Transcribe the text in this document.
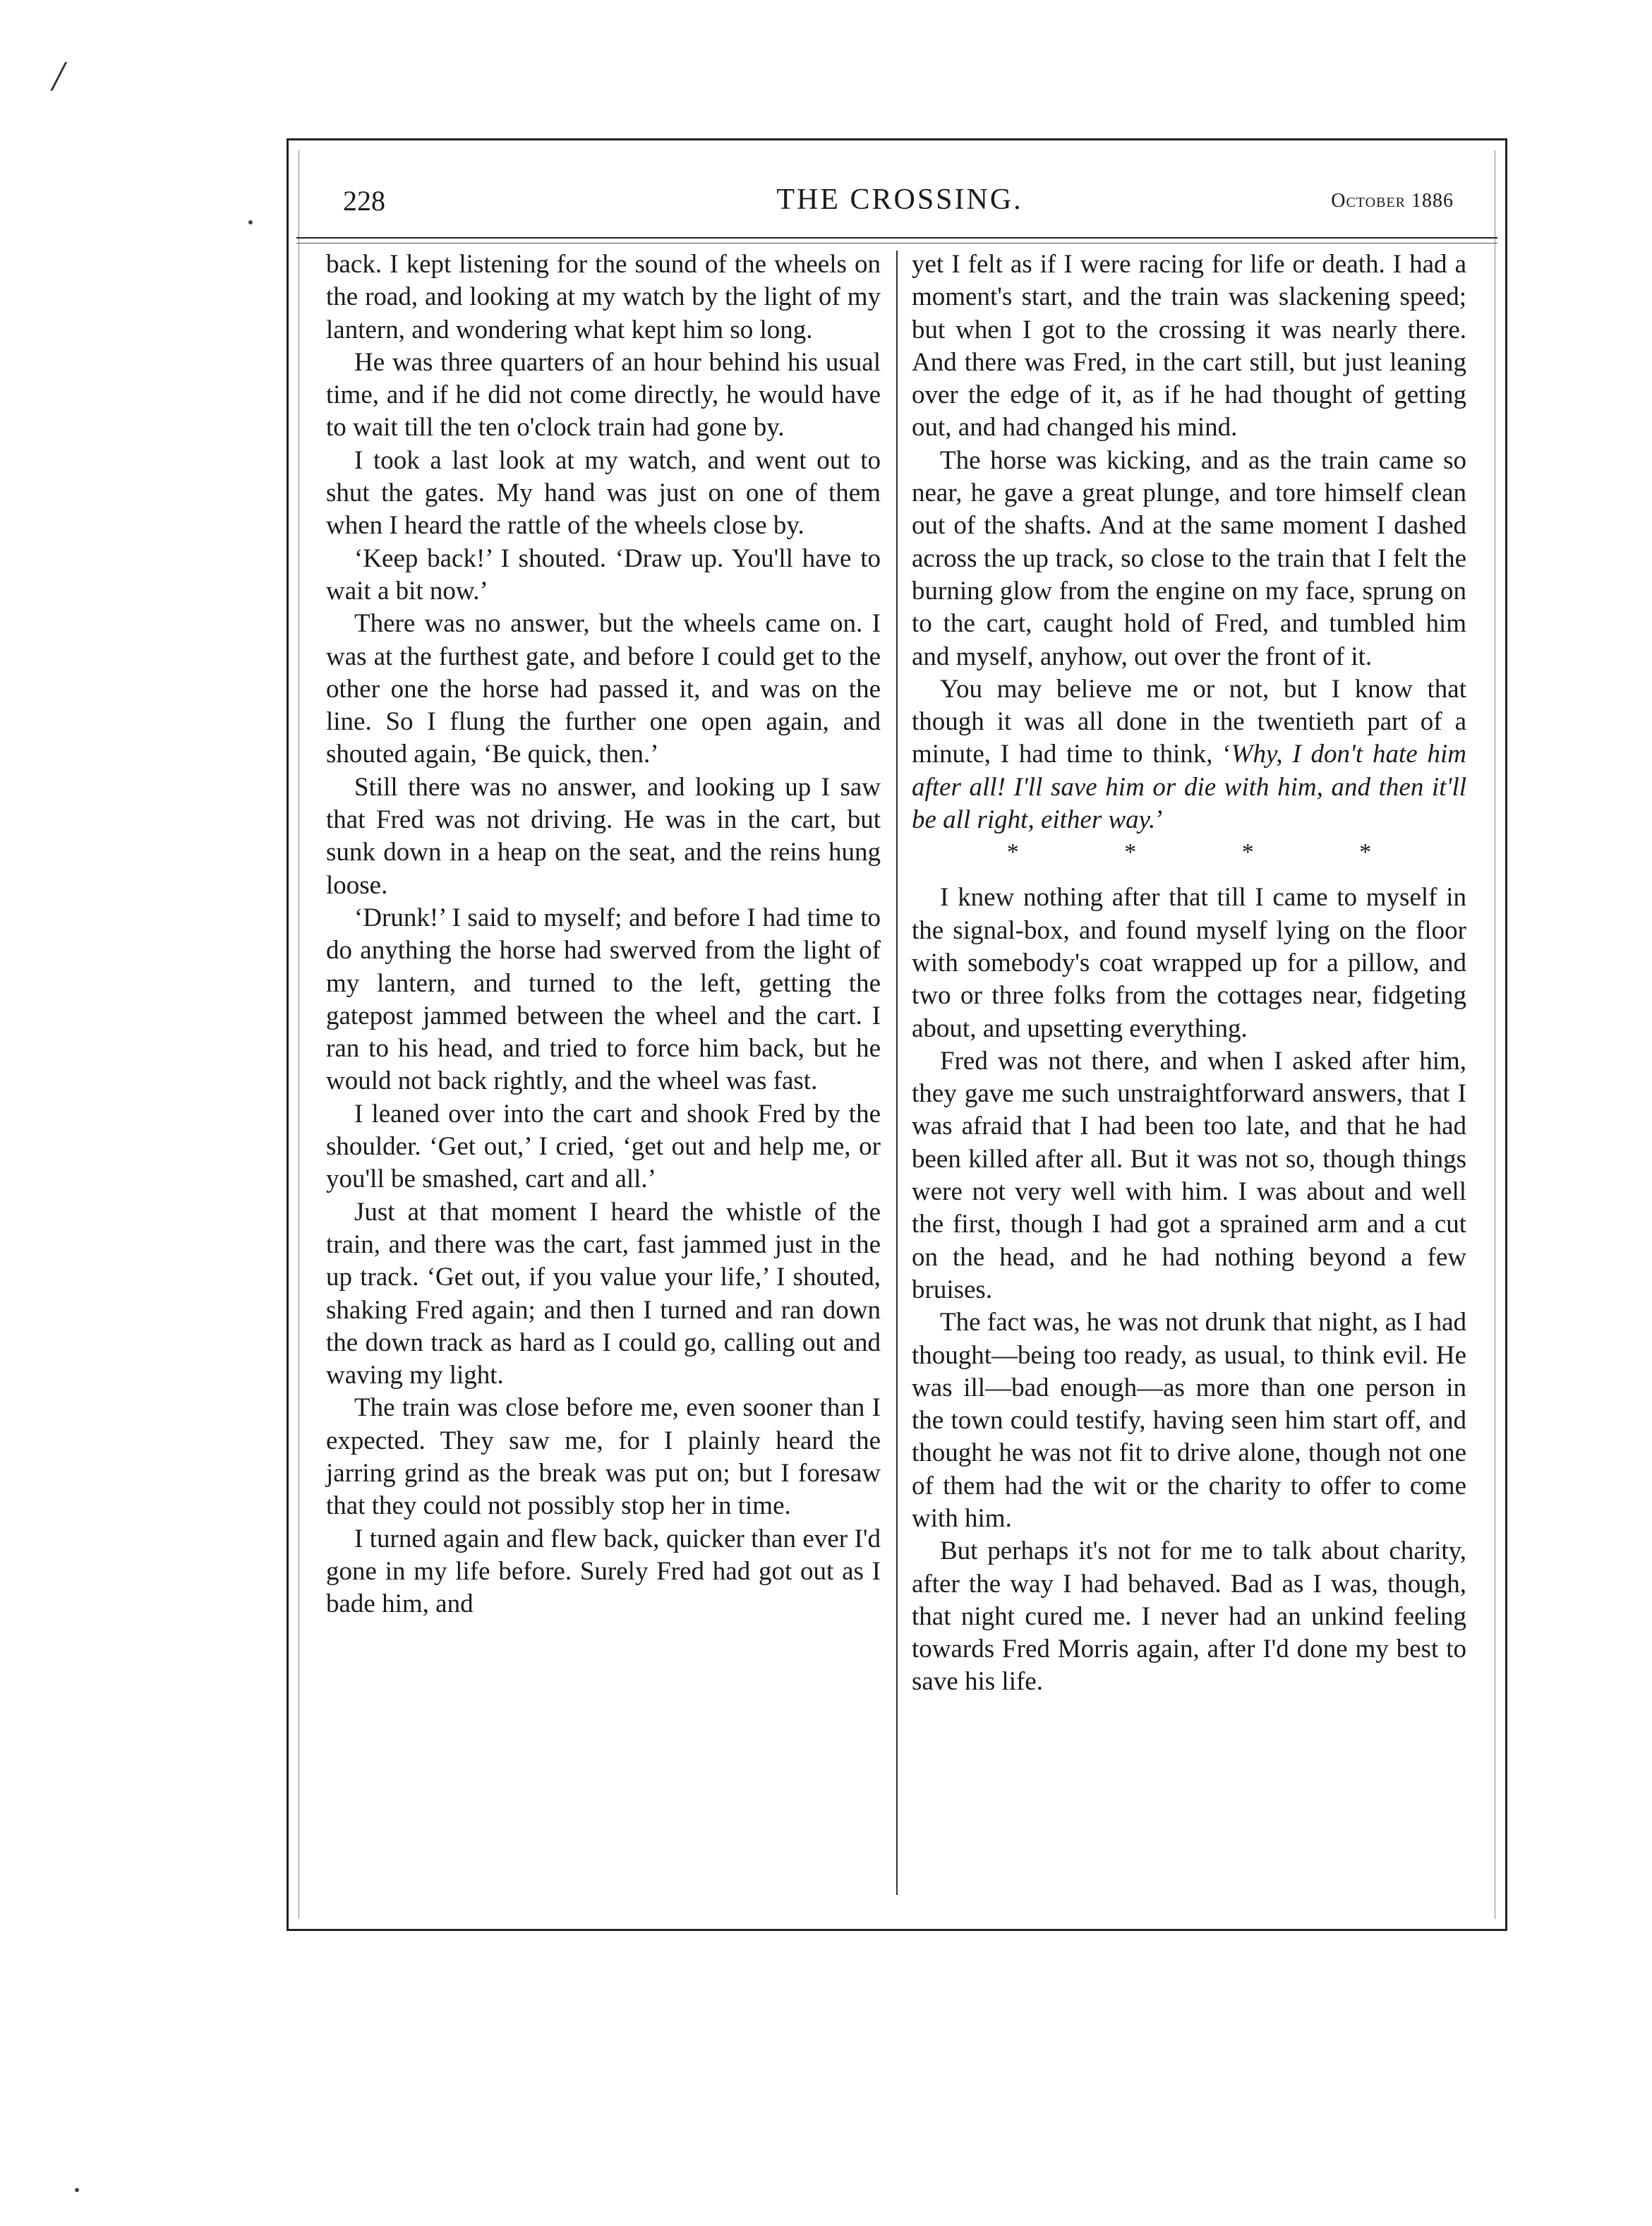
/
228	THE CROSSING.	October 1886

back. I kept listening for the sound of the wheels on the road, and looking at my watch by the light of my lantern, and wondering what kept him so long.

He was three quarters of an hour behind his usual time, and if he did not come directly, he would have to wait till the ten o'clock train had gone by.

I took a last look at my watch, and went out to shut the gates. My hand was just on one of them when I heard the rattle of the wheels close by.

‘Keep back!’ I shouted. ‘Draw up. You'll have to wait a bit now.’

There was no answer, but the wheels came on. I was at the furthest gate, and before I could get to the other one the horse had passed it, and was on the line. So I flung the further one open again, and shouted again, ‘Be quick, then.’

Still there was no answer, and looking up I saw that Fred was not driving. He was in the cart, but sunk down in a heap on the seat, and the reins hung loose.

‘Drunk!’ I said to myself; and before I had time to do anything the horse had swerved from the light of my lantern, and turned to the left, getting the gatepost jammed between the wheel and the cart. I ran to his head, and tried to force him back, but he would not back rightly, and the wheel was fast.

I leaned over into the cart and shook Fred by the shoulder. ‘Get out,’ I cried, ‘get out and help me, or you'll be smashed, cart and all.’

Just at that moment I heard the whistle of the train, and there was the cart, fast jammed just in the up track. ‘Get out, if you value your life,’ I shouted, shaking Fred again; and then I turned and ran down the down track as hard as I could go, calling out and waving my light.

The train was close before me, even sooner than I expected. They saw me, for I plainly heard the jarring grind as the break was put on; but I foresaw that they could not possibly stop her in time.

I turned again and flew back, quicker than ever I'd gone in my life before. Surely Fred had got out as I bade him, and

yet I felt as if I were racing for life or death. I had a moment's start, and the train was slackening speed; but when I got to the crossing it was nearly there. And there was Fred, in the cart still, but just leaning over the edge of it, as if he had thought of getting out, and had changed his mind.

The horse was kicking, and as the train came so near, he gave a great plunge, and tore himself clean out of the shafts. And at the same moment I dashed across the up track, so close to the train that I felt the burning glow from the engine on my face, sprung on to the cart, caught hold of Fred, and tumbled him and myself, anyhow, out over the front of it.

You may believe me or not, but I know that though it was all done in the twentieth part of a minute, I had time to think, ‘Why, I don't hate him after all! I'll save him or die with him, and then it'll be all right, either way.’

*	*	*	*

I knew nothing after that till I came to myself in the signal-box, and found myself lying on the floor with somebody's coat wrapped up for a pillow, and two or three folks from the cottages near, fidgeting about, and upsetting everything.

Fred was not there, and when I asked after him, they gave me such unstraightforward answers, that I was afraid that I had been too late, and that he had been killed after all. But it was not so, though things were not very well with him. I was about and well the first, though I had got a sprained arm and a cut on the head, and he had nothing beyond a few bruises.

The fact was, he was not drunk that night, as I had thought—being too ready, as usual, to think evil. He was ill—bad enough—as more than one person in the town could testify, having seen him start off, and thought he was not fit to drive alone, though not one of them had the wit or the charity to offer to come with him.

But perhaps it's not for me to talk about charity, after the way I had behaved. Bad as I was, though, that night cured me. I never had an unkind feeling towards Fred Morris again, after I'd done my best to save his life.
